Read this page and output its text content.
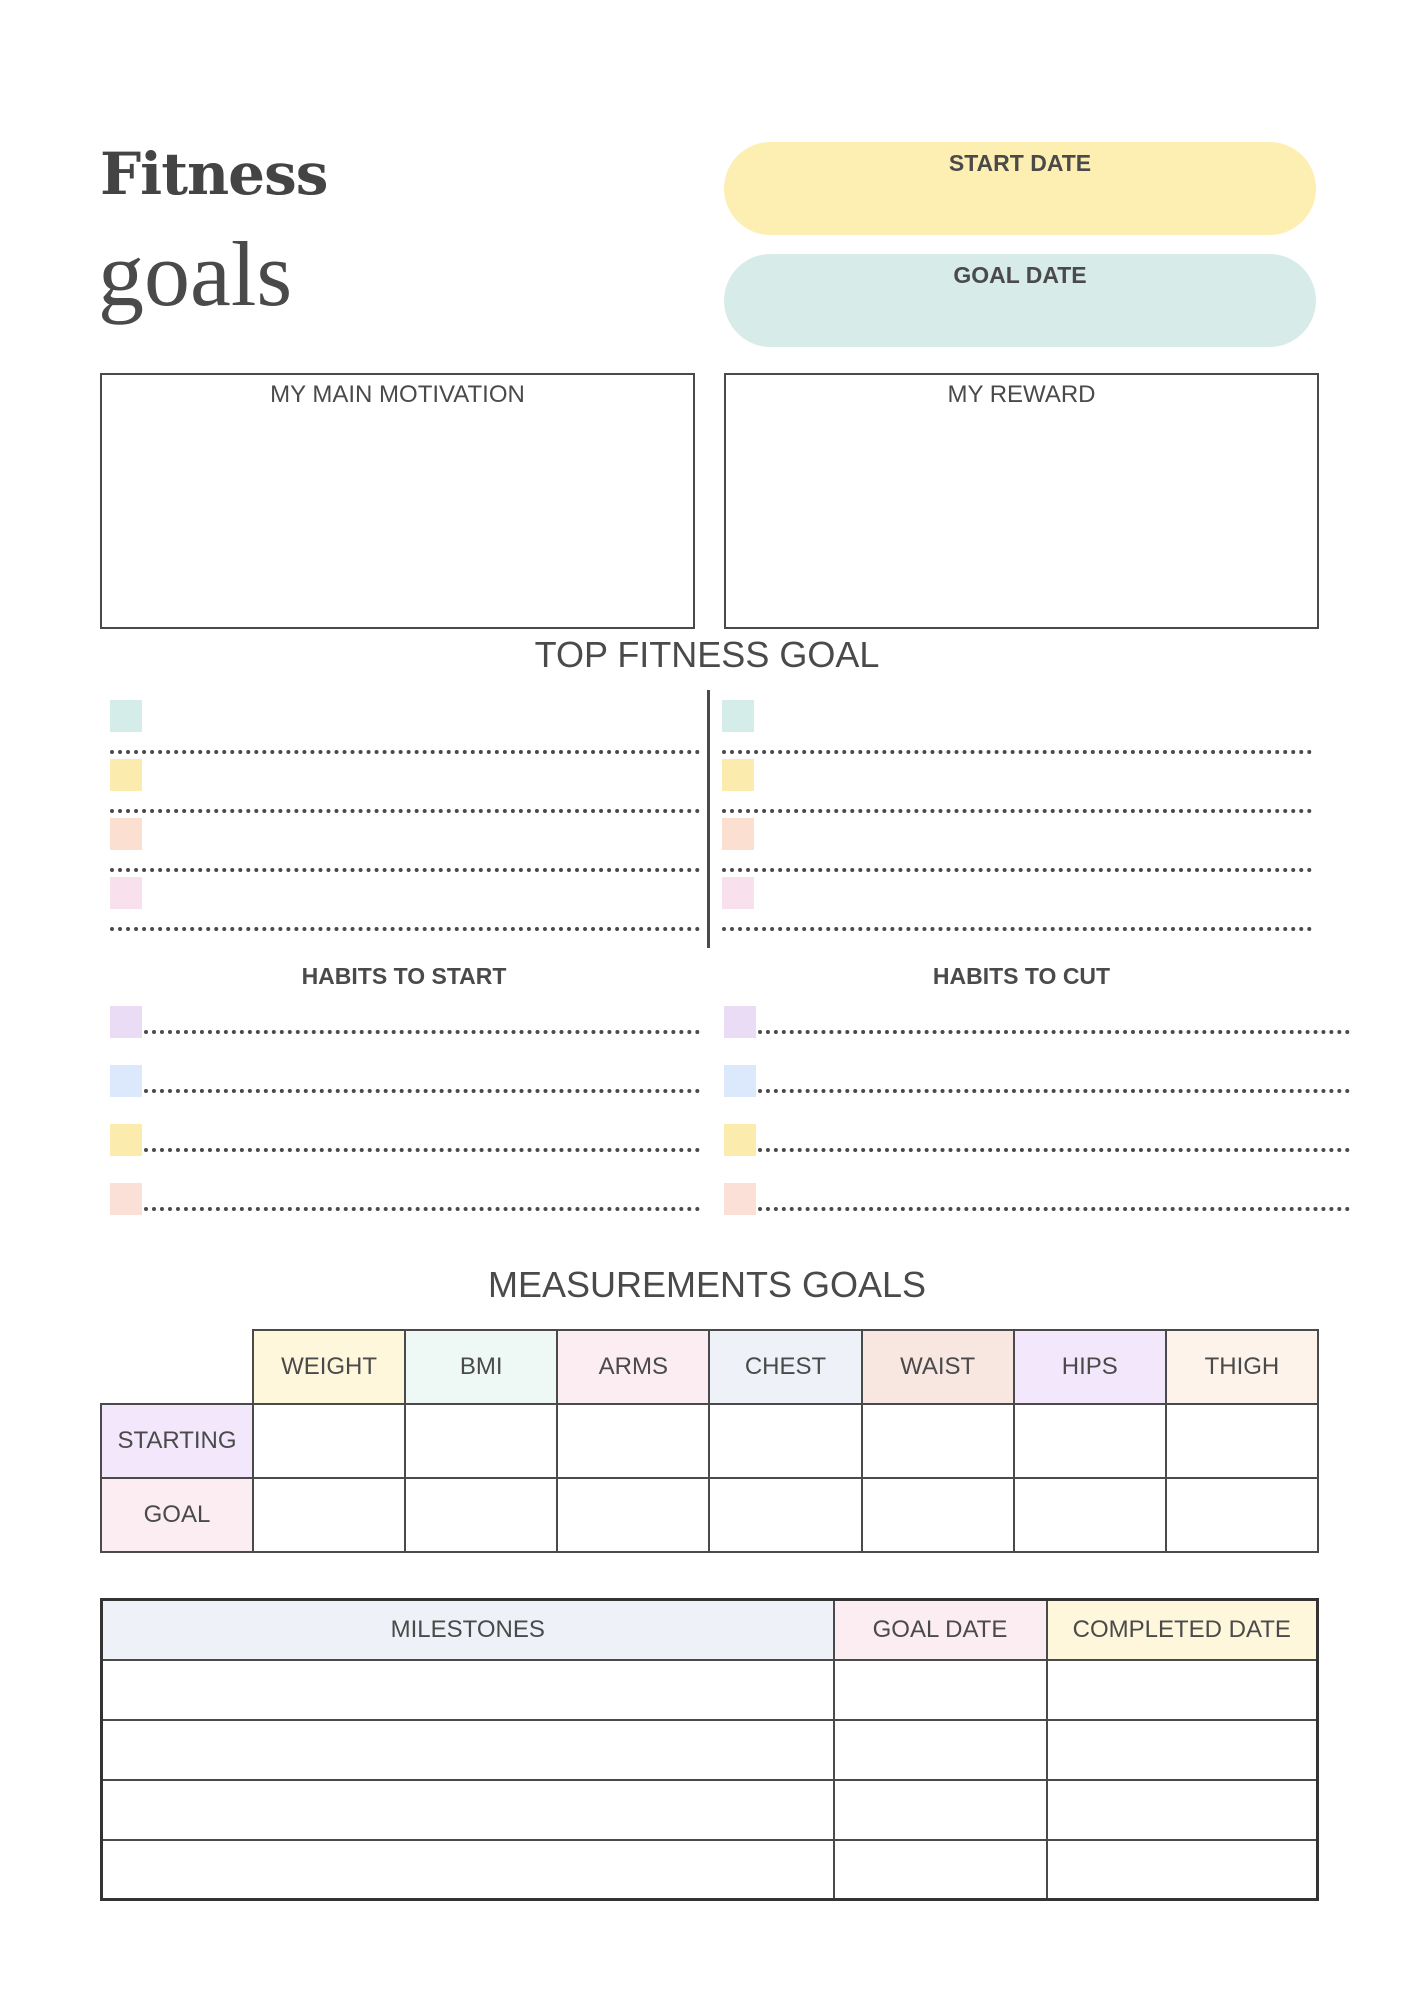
Fitness
goals
START DATE
GOAL DATE
MY MAIN MOTIVATION	MY REWARD
TOP FITNESS GOAL
HABITS TO START	HABITS TO CUT
MEASUREMENTS GOALS
	WEIGHT	BMI	ARMS	CHEST	WAIST	HIPS	THIGH
STARTING							
GOAL							
MILESTONES	GOAL DATE	COMPLETED DATE
